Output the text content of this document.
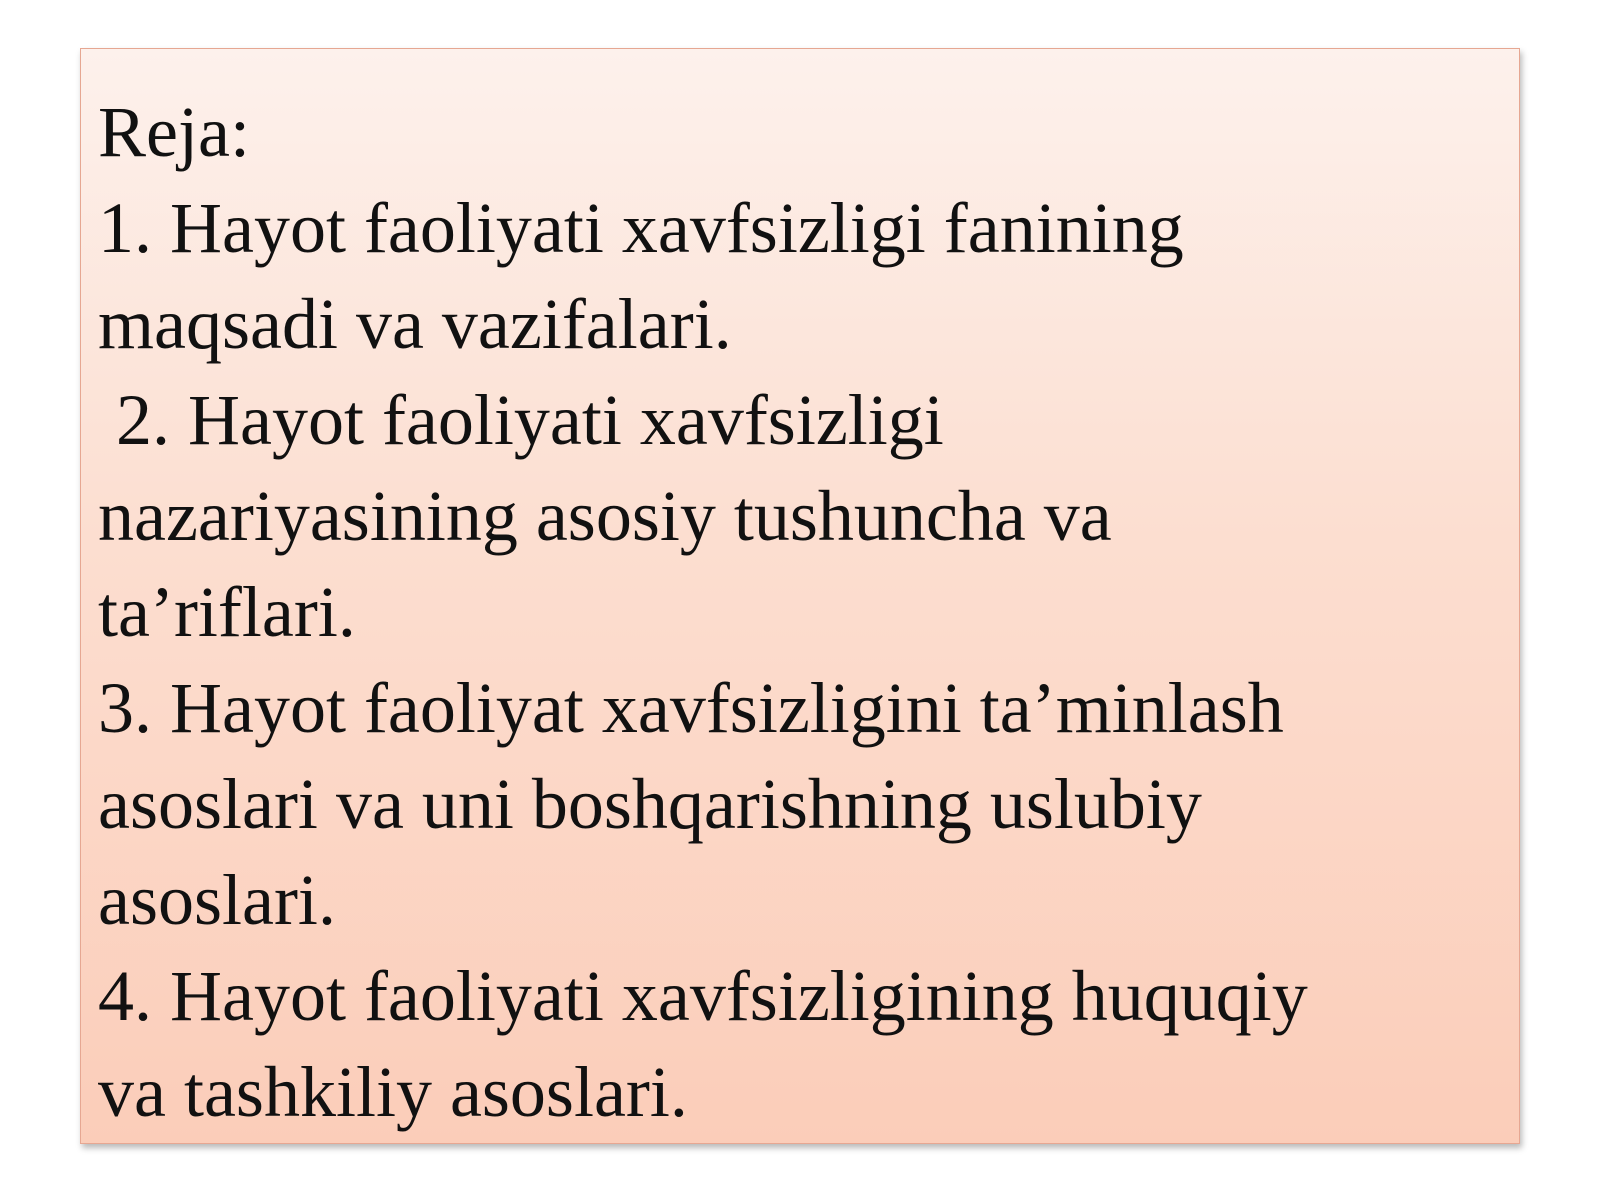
Reja:
1. Hayot faoliyati xavfsizligi fanining
maqsadi va vazifalari.
2. Hayot faoliyati xavfsizligi
nazariyasining asosiy tushuncha va
ta’riflari.
3. Hayot faoliyat xavfsizligini ta’minlash
asoslari va uni boshqarishning uslubiy
asoslari.
4. Hayot faoliyati xavfsizligining huquqiy
va tashkiliy asoslari.
